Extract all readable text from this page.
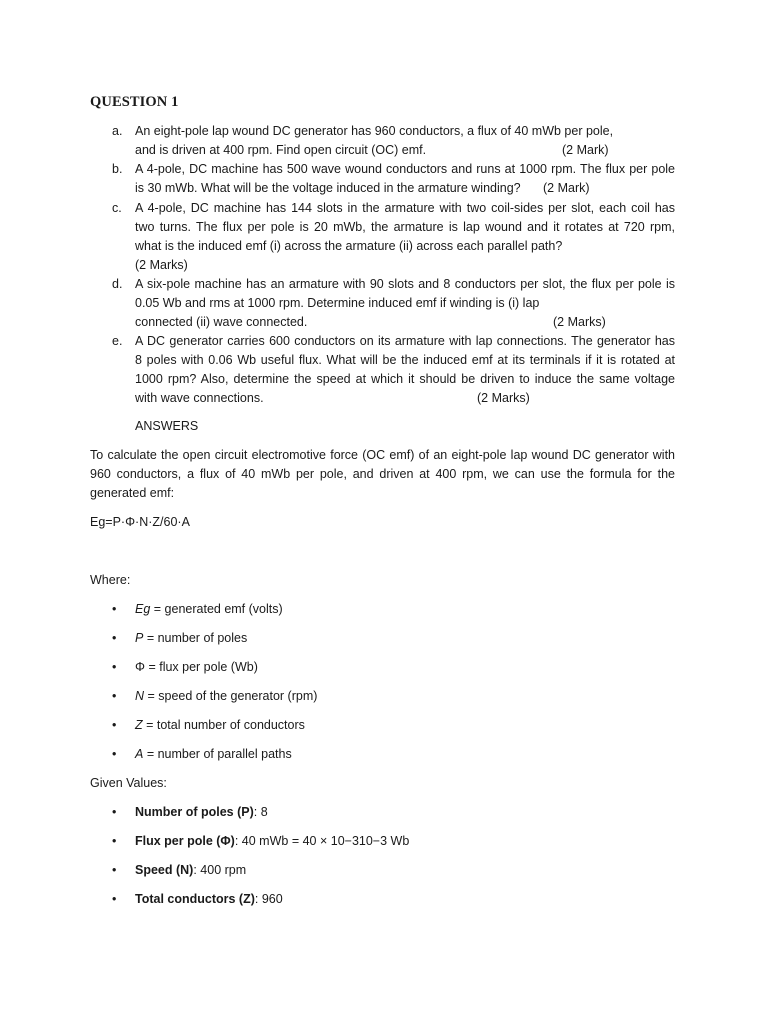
QUESTION 1
a. An eight-pole lap wound DC generator has 960 conductors, a flux of 40 mWb per pole,
and is driven at 400 rpm. Find open circuit (OC) emf.	(2 Mark)
b. A 4-pole, DC machine has 500 wave wound conductors and runs at 1000 rpm. The flux per pole
is 30 mWb. What will be the voltage induced in the armature winding?	(2 Mark)
c.	A 4-pole, DC machine has 144 slots in the armature with two coil-sides per slot, each coil has
two turns. The flux per pole is 20 mWb, the armature is lap wound and it rotates at 720 rpm,
what is the induced emf (i) across the armature (ii) across each parallel path?
(2 Marks)
d. A six-pole machine has an armature with 90 slots and 8 conductors per slot, the flux per pole is
0.05 Wb and rms at 1000 rpm. Determine induced emf if winding is (i) lap
connected (ii) wave connected.	(2 Marks)
e. A DC generator carries 600 conductors on its armature with lap connections. The generator has
8 poles with 0.06 Wb useful flux. What will be the induced emf at its terminals if it is rotated at
1000 rpm? Also, determine the speed at which it should be driven to induce the same voltage
with wave connections.	(2 Marks)
ANSWERS
To calculate the open circuit electromotive force (OC emf) of an eight-pole lap wound DC generator with 960 conductors, a flux of 40 mWb per pole, and driven at 400 rpm, we can use the formula for the generated emf:
Eg=P·Φ·N·Z/60·A
Where:
•	Eg = generated emf (volts)
•	P = number of poles
•	Φ = flux per pole (Wb)
•	N = speed of the generator (rpm)
•	Z = total number of conductors
•	A = number of parallel paths
Given Values:
•	Number of poles (P): 8
•	Flux per pole (Φ): 40 mWb = 40 × 10−310−3 Wb
•	Speed (N): 400 rpm
•	Total conductors (Z): 960
